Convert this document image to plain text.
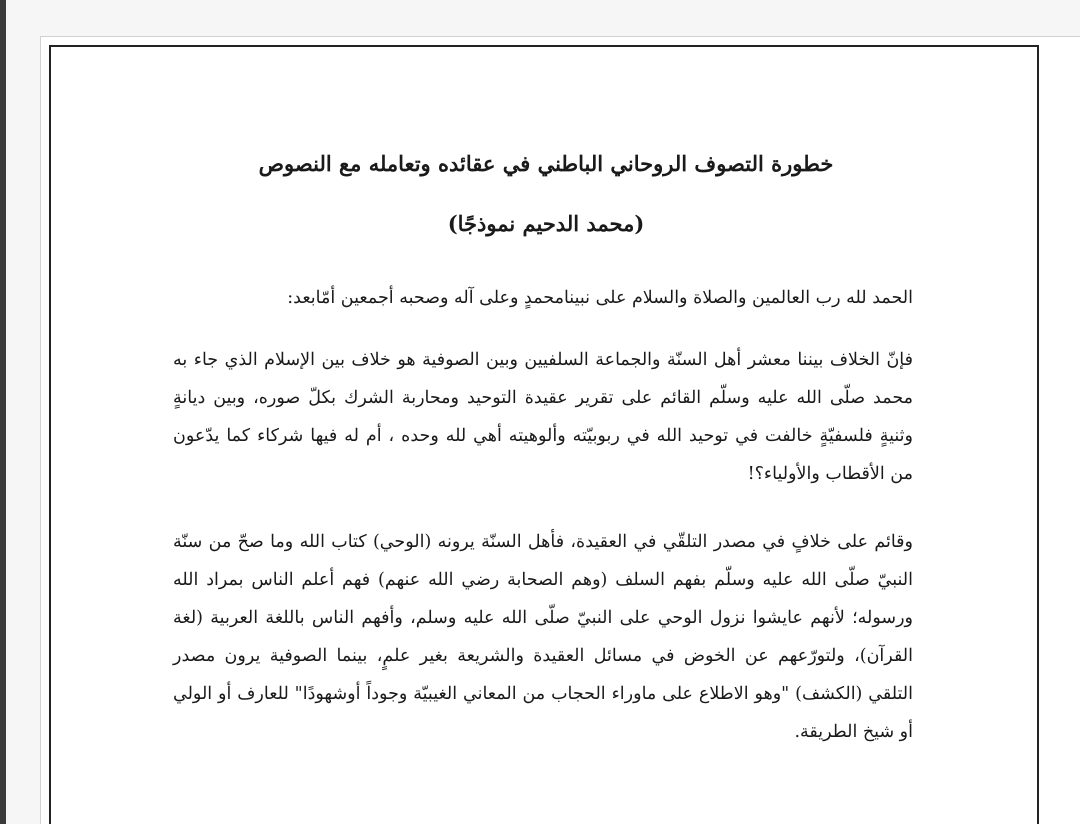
خطورة التصوف الروحاني الباطني في عقائده وتعامله مع النصوص
(محمد الدحيم نموذجًا)

الحمد لله رب العالمين والصلاة والسلام على نبينامحمدٍ وعلى آله وصحبه أجمعين أمّابعد:

فإنّ الخلاف بيننا معشر أهل السنّة والجماعة السلفيين وبين الصوفية هو خلاف بين الإسلام الذي جاء به محمد صلّى الله عليه وسلّم القائم على تقرير عقيدة التوحيد ومحاربة الشرك بكلّ صوره، وبين ديانةٍ وثنيةٍ فلسفيّةٍ خالفت في توحيد الله في ربوبيّته وألوهيته أهي لله وحده ، أم له فيها شركاء كما يدّعون من الأقطاب والأولياء؟!

وقائم على خلافٍ في مصدر التلقّي في العقيدة، فأهل السنّة يرونه (الوحي) كتاب الله وما صحّ من سنّة النبيّ صلّى الله عليه وسلّم بفهم السلف (وهم الصحابة رضي الله عنهم) فهم أعلم الناس بمراد الله ورسوله؛ لأنهم عايشوا نزول الوحي على النبيّ صلّى الله عليه وسلم، وأفهم الناس باللغة العربية (لغة القرآن)، ولتورّعهم عن الخوض في مسائل العقيدة والشريعة بغير علمٍ، بينما الصوفية يرون مصدر التلقي (الكشف) "وهو الاطلاع على ماوراء الحجاب من المعاني الغيبيّة وجوداً أوشهودًا" للعارف أو الولي أو شيخ الطريقة.
